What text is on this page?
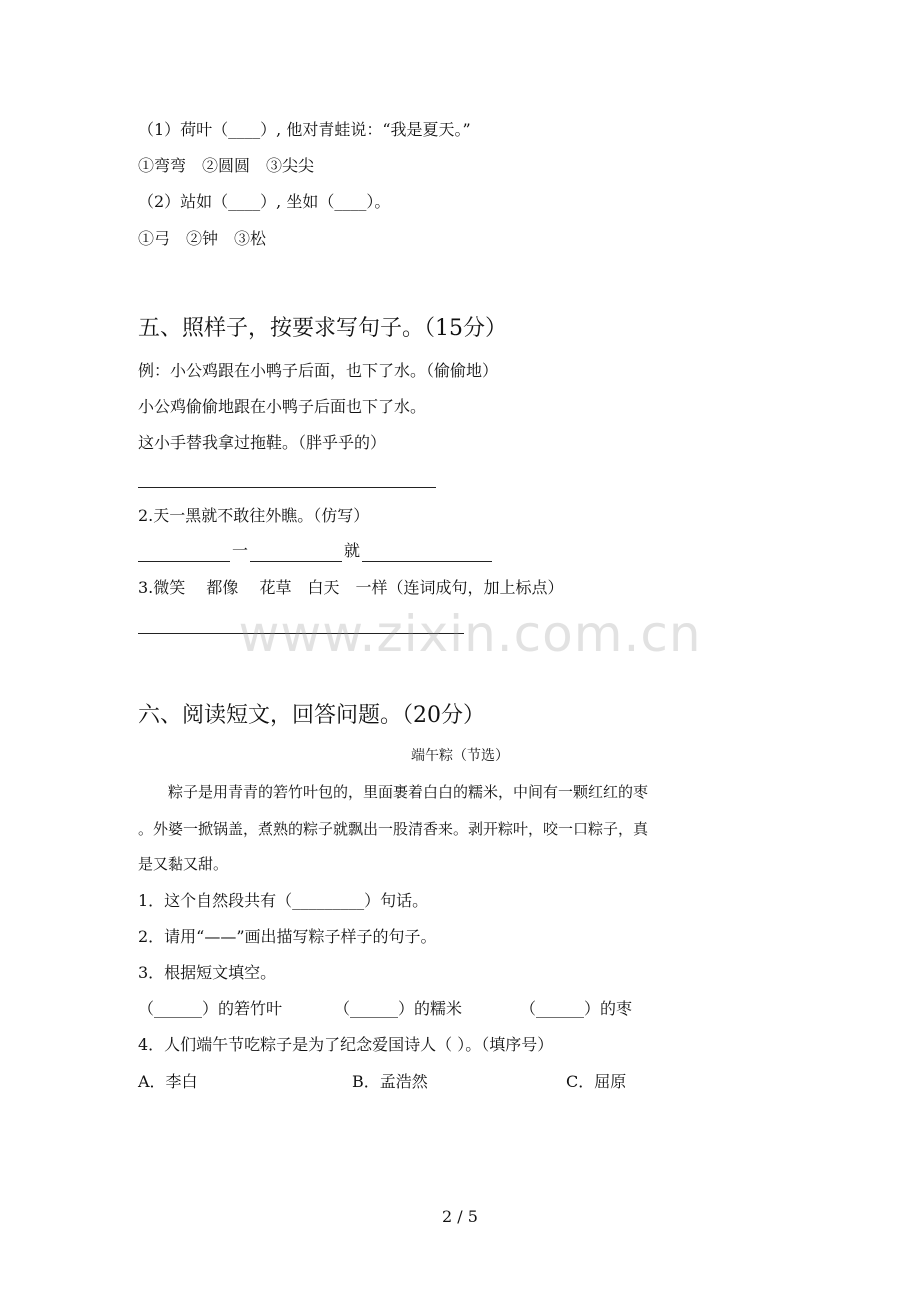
（1）荷叶（____）, 他对青蛙说：“我是夏天。”
①弯弯　②圆圆　③尖尖
（2）站如（____）, 坐如（____）。
①弓　②钟　③松
五、照样子，按要求写句子。（15分）
例：小公鸡跟在小鸭子后面，也下了水。（偷偷地）
小公鸡偷偷地跟在小鸭子后面也下了水。
这小手替我拿过拖鞋。（胖乎乎的）
2.天一黑就不敢往外瞧。（仿写）
一	就
3.微笑　 都像　 花草　白天　一样（连词成句，加上标点）
www.zixin.com.cn
六、阅读短文，回答问题。（20分）
端午粽（节选）
　　粽子是用青青的箬竹叶包的，里面裹着白白的糯米，中间有一颗红红的枣
。外婆一掀锅盖，煮熟的粽子就飘出一股清香来。剥开粽叶，咬一口粽子，真
是又黏又甜。
1．这个自然段共有（_________）句话。
2．请用“——”画出描写粽子样子的句子。
3．根据短文填空。
（______）的箬竹叶	（______）的糯米	（______）的枣
4．人们端午节吃粽子是为了纪念爱国诗人（ ）。（填序号）
A．李白	B．孟浩然	C．屈原
2 / 5
